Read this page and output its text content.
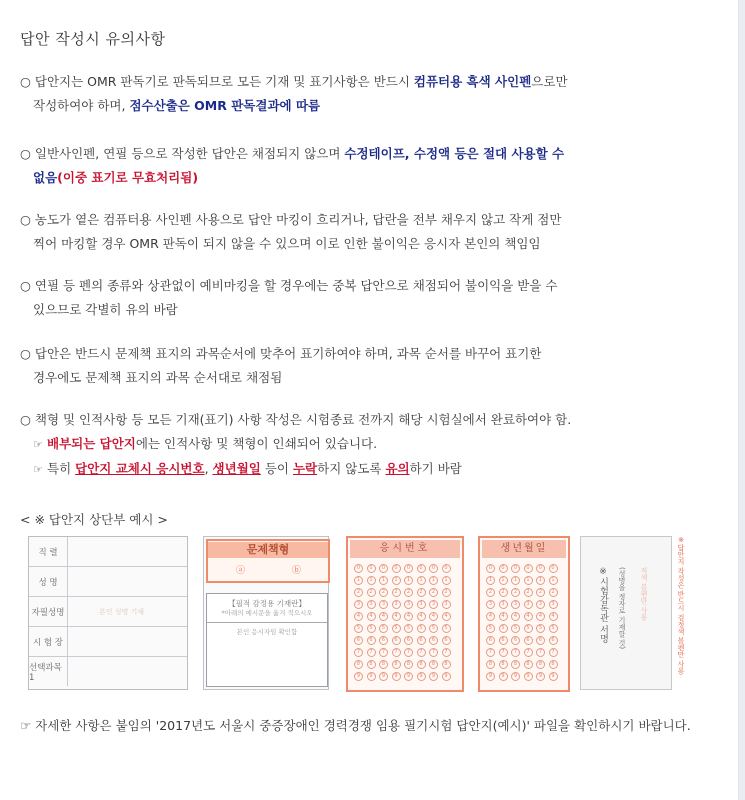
답안 작성시 유의사항
○ 답안지는 OMR 판독기로 판독되므로 모든 기재 및 표기사항은 반드시 컴퓨터용 흑색 사인펜으로만
작성하여야 하며, 점수산출은 OMR 판독결과에 따름
○ 일반사인펜, 연필 등으로 작성한 답안은 채점되지 않으며 수정테이프, 수정액 등은 절대 사용할 수
없음(이중 표기로 무효처리됨)
○ 농도가 옅은 컴퓨터용 사인펜 사용으로 답안 마킹이 흐리거나, 답란을 전부 채우지 않고 작게 점만
찍어 마킹할 경우 OMR 판독이 되지 않을 수 있으며 이로 인한 불이익은 응시자 본인의 책임임
○ 연필 등 펜의 종류와 상관없이 예비마킹을 할 경우에는 중복 답안으로 채점되어 불이익을 받을 수
있으므로 각별히 유의 바람
○ 답안은 반드시 문제책 표지의 과목순서에 맞추어 표기하여야 하며, 과목 순서를 바꾸어 표기한
경우에도 문제책 표지의 과목 순서대로 채점됨
○ 책형 및 인적사항 등 모든 기재(표기) 사항 작성은 시험종료 전까지 해당 시험실에서 완료하여야 함.
☞ 배부되는 답안지에는 인적사항 및 책형이 인쇄되어 있습니다.
☞ 특히 답안지 교체시 응시번호, 생년월일 등이 누락하지 않도록 유의하기 바람
< ※ 답안지 상단부 예시 >
직 렬
성 명
자필성명	본인 성명 기재
시 험 장
선택과목1
문제책형
ⓐ	ⓑ
【필적 감정용 기재란】
*아래의 예시문을 옮겨 적으시오
본인 응시자임 확인함
응시번호
0
1
2
3
4
5
6
7
8
9
0
1
2
3
4
5
6
7
8
9
0
1
2
3
4
5
6
7
8
9
0
1
2
3
4
5
6
7
8
9
0
1
2
3
4
5
6
7
8
9
0
1
2
3
4
5
6
7
8
9
0
1
2
3
4
5
6
7
8
9
0
1
2
3
4
5
6
7
8
9
생년월일
0
1
2
3
4
5
6
7
8
9
0
1
2
3
4
5
6
7
8
9
0
1
2
3
4
5
6
7
8
9
0
1
2
3
4
5
6
7
8
9
0
1
2
3
4
5
6
7
8
9
0
1
2
3
4
5
6
7
8
9
※시험감독관 서명 (성명을 정자로 기재할 것) 적색 볼펜만 사용	※답안지 작성은 반드시 검정색 볼펜만 사용
☞ 자세한 사항은 붙임의 '2017년도 서울시 중증장애인 경력경쟁 임용 필기시험 답안지(예시)' 파일을 확인하시기 바랍니다.
